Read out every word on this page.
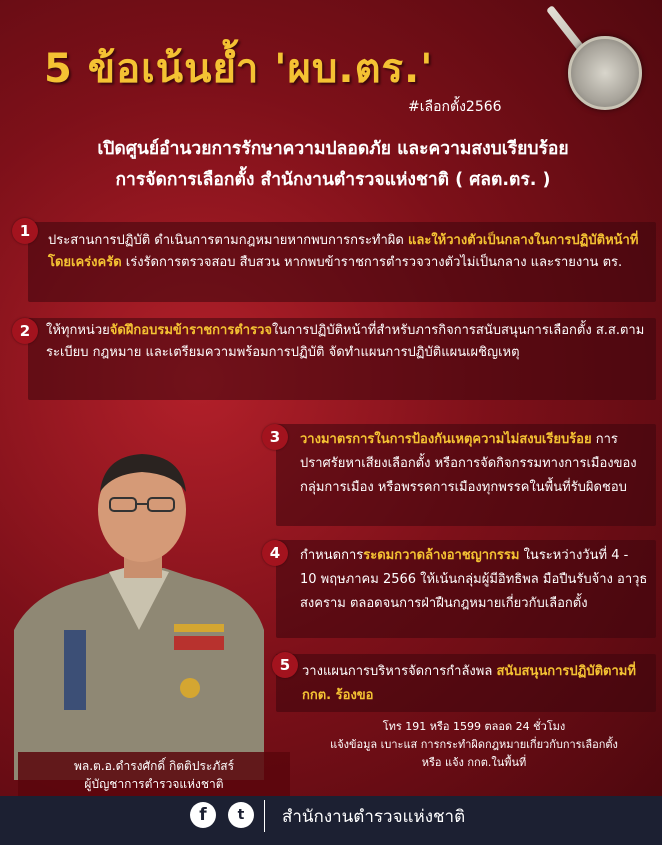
5 ข้อเน้นย้ำ 'ผบ.ตร.'
#เลือกตั้ง2566
เปิดศูนย์อำนวยการรักษาความปลอดภัย และความสงบเรียบร้อย
การจัดการเลือกตั้ง สำนักงานตำรวจแห่งชาติ ( ศลต.ตร. )
1
ประสานการปฏิบัติ ดำเนินการตามกฎหมายหากพบการกระทำผิด และให้วางตัวเป็นกลางในการปฏิบัติหน้าที่โดยเคร่งครัด เร่งรัดการตรวจสอบ สืบสวน หากพบข้าราชการตำรวจวางตัวไม่เป็นกลาง และรายงาน ตร.
2	ให้ทุกหน่วยจัดฝึกอบรมข้าราชการตำรวจในการปฏิบัติหน้าที่สำหรับภารกิจการสนับสนุนการเลือกตั้ง ส.ส.ตามระเบียบ กฎหมาย และเตรียมความพร้อมการปฏิบัติ จัดทำแผนการปฏิบัติแผนเผชิญเหตุ
3	วางมาตรการในการป้องกันเหตุความไม่สงบเรียบร้อย การปราศรัยหาเสียงเลือกตั้ง หรือการจัดกิจกรรมทางการเมืองของกลุ่มการเมือง หรือพรรคการเมืองทุกพรรคในพื้นที่รับผิดชอบ
4	กำหนดการระดมกวาดล้างอาชญากรรม ในระหว่างวันที่ 4 - 10 พฤษภาคม 2566 ให้เน้นกลุ่มผู้มีอิทธิพล มือปืนรับจ้าง อาวุธสงคราม ตลอดจนการฝ่าฝืนกฎหมายเกี่ยวกับเลือกตั้ง
5 วางแผนการบริหารจัดการกำลังพล สนับสนุนการปฏิบัติตามที่ กกต. ร้องขอ
พล.ต.อ.ดำรงศักดิ์ กิตติประภัสร์
ผู้บัญชาการตำรวจแห่งชาติ
โทร 191 หรือ 1599 ตลอด 24 ชั่วโมง
แจ้งข้อมูล เบาะแส การกระทำผิดกฎหมายเกี่ยวกับการเลือกตั้ง
หรือ แจ้ง กกต.ในพื้นที่
f	t	สำนักงานตำรวจแห่งชาติ
